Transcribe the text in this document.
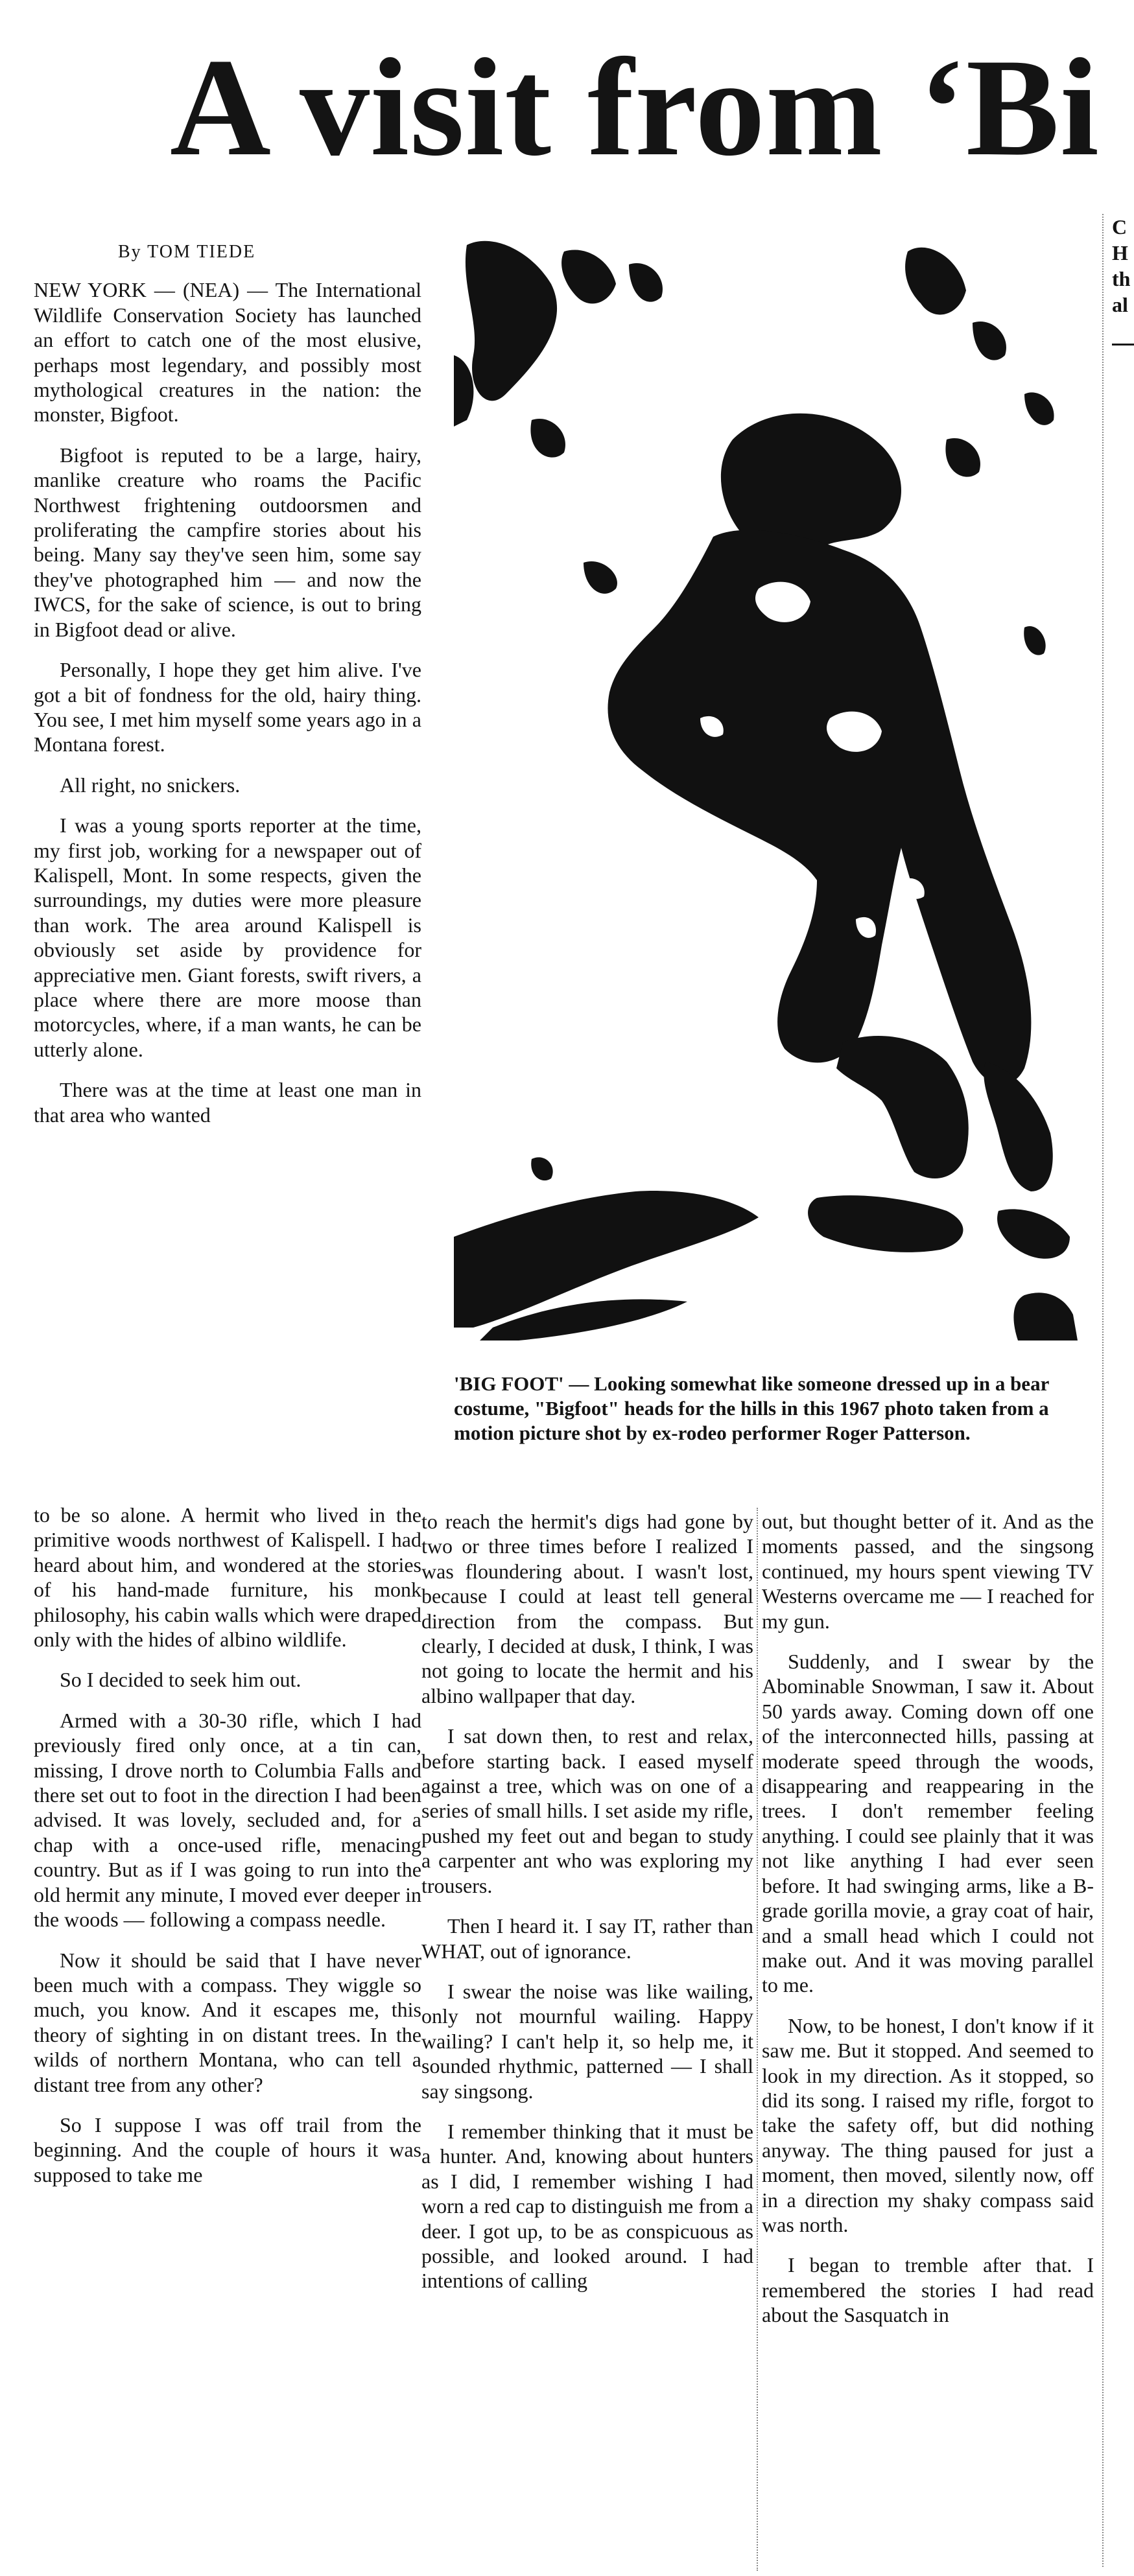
A visit from ‘Bi

By TOM TIEDE

NEW YORK — (NEA) — The International Wildlife Conservation Society has launched an effort to catch one of the most elusive, perhaps most legendary, and possibly most mythological creatures in the nation: the monster, Bigfoot.

Bigfoot is reputed to be a large, hairy, manlike creature who roams the Pacific Northwest frightening outdoorsmen and proliferating the campfire stories about his being. Many say they've seen him, some say they've photographed him — and now the IWCS, for the sake of science, is out to bring in Bigfoot dead or alive.

Personally, I hope they get him alive. I've got a bit of fondness for the old, hairy thing. You see, I met him myself some years ago in a Montana forest.

All right, no snickers.

I was a young sports reporter at the time, my first job, working for a newspaper out of Kalispell, Mont. In some respects, given the surroundings, my duties were more pleasure than work. The area around Kalispell is obviously set aside by providence for appreciative men. Giant forests, swift rivers, a place where there are more moose than motorcycles, where, if a man wants, he can be utterly alone.

There was at the time at least one man in that area who wanted

'BIG FOOT' — Looking somewhat like someone dressed up in a bear costume, "Bigfoot" heads for the hills in this 1967 photo taken from a motion picture shot by ex-rodeo performer Roger Patterson.

to be so alone. A hermit who lived in the primitive woods northwest of Kalispell. I had heard about him, and wondered at the stories of his hand-made furniture, his monk philosophy, his cabin walls which were draped only with the hides of albino wildlife.

So I decided to seek him out.

Armed with a 30-30 rifle, which I had previously fired only once, at a tin can, missing, I drove north to Columbia Falls and there set out to foot in the direction I had been advised. It was lovely, secluded and, for a chap with a once-used rifle, menacing country. But as if I was going to run into the old hermit any minute, I moved ever deeper in the woods — following a compass needle.

Now it should be said that I have never been much with a compass. They wiggle so much, you know. And it escapes me, this theory of sighting in on distant trees. In the wilds of northern Montana, who can tell a distant tree from any other?

So I suppose I was off trail from the beginning. And the couple of hours it was supposed to take me

to reach the hermit's digs had gone by two or three times before I realized I was floundering about. I wasn't lost, because I could at least tell general direction from the compass. But clearly, I decided at dusk, I think, I was not going to locate the hermit and his albino wallpaper that day.

I sat down then, to rest and relax, before starting back. I eased myself against a tree, which was on one of a series of small hills. I set aside my rifle, pushed my feet out and began to study a carpenter ant who was exploring my trousers.

Then I heard it. I say IT, rather than WHAT, out of ignorance.

I swear the noise was like wailing, only not mournful wailing. Happy wailing? I can't help it, so help me, it sounded rhythmic, patterned — I shall say singsong.

I remember thinking that it must be a hunter. And, knowing about hunters as I did, I remember wishing I had worn a red cap to distinguish me from a deer. I got up, to be as conspicuous as possible, and looked around. I had intentions of calling

out, but thought better of it. And as the moments passed, and the singsong continued, my hours spent viewing TV Westerns overcame me — I reached for my gun.

Suddenly, and I swear by the Abominable Snowman, I saw it. About 50 yards away. Coming down off one of the interconnected hills, passing at moderate speed through the woods, disappearing and reappearing in the trees. I don't remember feeling anything. I could see plainly that it was not like anything I had ever seen before. It had swinging arms, like a B-grade gorilla movie, a gray coat of hair, and a small head which I could not make out. And it was moving parallel to me.

Now, to be honest, I don't know if it saw me. But it stopped. And seemed to look in my direction. As it stopped, so did its song. I raised my rifle, forgot to take the safety off, but did nothing anyway. The thing paused for just a moment, then moved, silently now, off in a direction my shaky compass said was north.

I began to tremble after that. I remembered the stories I had read about the Sasquatch in

C
H
th
al
